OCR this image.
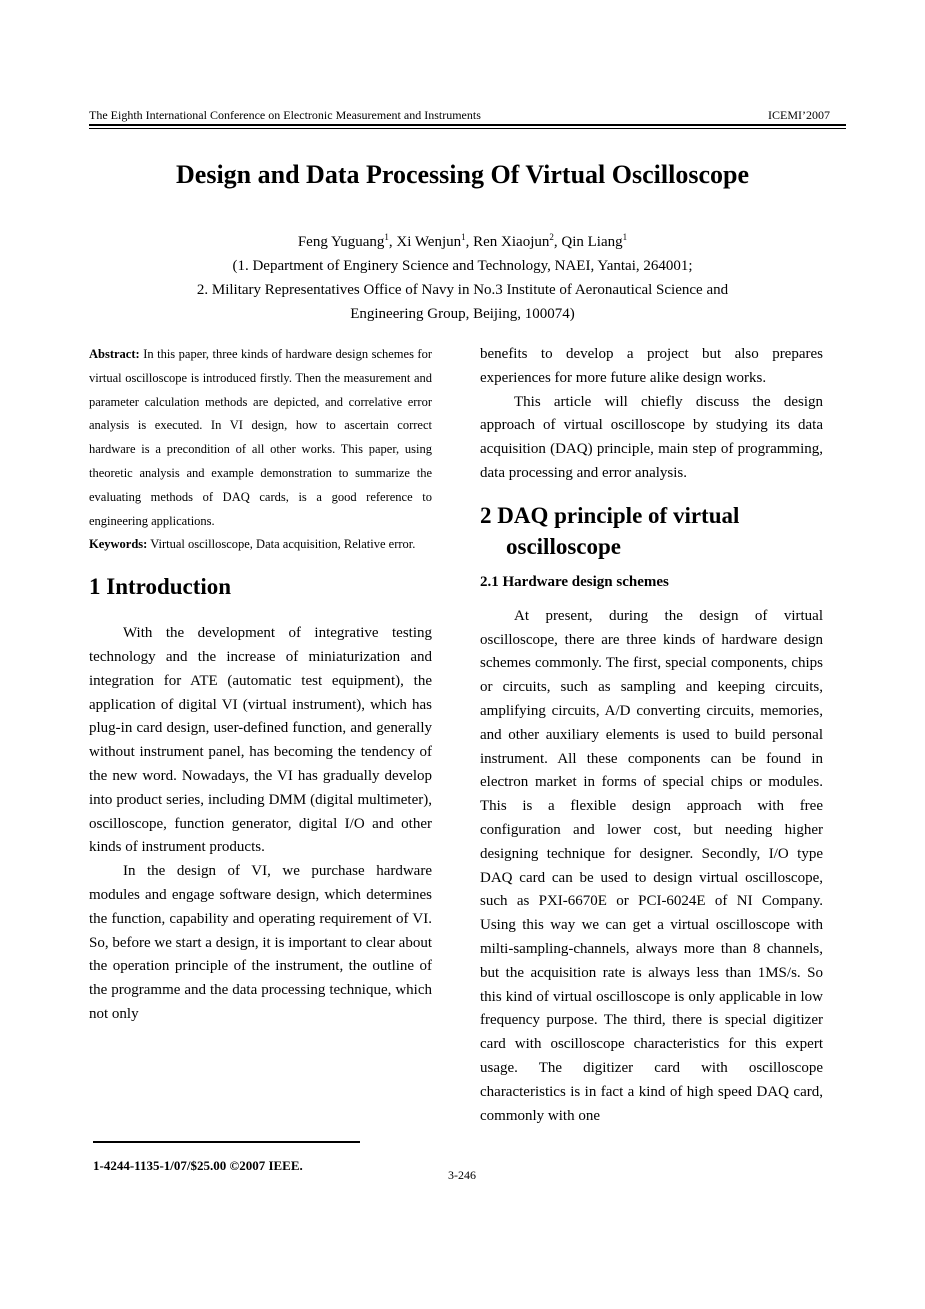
The Eighth International Conference on Electronic Measurement and Instruments	ICEMI’2007
Design and Data Processing Of Virtual Oscilloscope
Feng Yuguang$^1$, Xi Wenjun$^1$, Ren Xiaojun$^2$, Qin Liang$^1$
(1. Department of Enginery Science and Technology, NAEI, Yantai, 264001;
2. Military Representatives Office of Navy in No.3 Institute of Aeronautical Science and
Engineering Group, Beijing, 100074)

Abstract: In this paper, three kinds of hardware design schemes for virtual oscilloscope is introduced firstly. Then the measurement and parameter calculation methods are depicted, and correlative error analysis is executed. In VI design, how to ascertain correct hardware is a precondition of all other works. This paper, using theoretic analysis and example demonstration to summarize the evaluating methods of DAQ cards, is a good reference to engineering applications.

Keywords: Virtual oscilloscope, Data acquisition, Relative error.

1 Introduction

With the development of integrative testing technology and the increase of miniaturization and integration for ATE (automatic test equipment), the application of digital VI (virtual instrument), which has plug-in card design, user-defined function, and generally without instrument panel, has becoming the tendency of the new word. Nowadays, the VI has gradually develop into product series, including DMM (digital multimeter), oscilloscope, function generator, digital I/O and other kinds of instrument products.

In the design of VI, we purchase hardware modules and engage software design, which determines the function, capability and operating requirement of VI. So, before we start a design, it is important to clear about the operation principle of the instrument, the outline of the programme and the data processing technique, which not only

benefits to develop a project but also prepares experiences for more future alike design works.

This article will chiefly discuss the design approach of virtual oscilloscope by studying its data acquisition (DAQ) principle, main step of programming, data processing and error analysis.

2 DAQ principle of virtual
oscilloscope
2.1 Hardware design schemes

At present, during the design of virtual oscilloscope, there are three kinds of hardware design schemes commonly. The first, special components, chips or circuits, such as sampling and keeping circuits, amplifying circuits, A/D converting circuits, memories, and other auxiliary elements is used to build personal instrument. All these components can be found in electron market in forms of special chips or modules. This is a flexible design approach with free configuration and lower cost, but needing higher designing technique for designer. Secondly, I/O type DAQ card can be used to design virtual oscilloscope, such as PXI-6670E or PCI-6024E of NI Company. Using this way we can get a virtual oscilloscope with milti-sampling-channels, always more than 8 channels, but the acquisition rate is always less than 1MS/s. So this kind of virtual oscilloscope is only applicable in low frequency purpose. The third, there is special digitizer card with oscilloscope characteristics for this expert usage. The digitizer card with oscilloscope characteristics is in fact a kind of high speed DAQ card, commonly with one

1-4244-1135-1/07/$25.00 ©2007 IEEE.
3-246
